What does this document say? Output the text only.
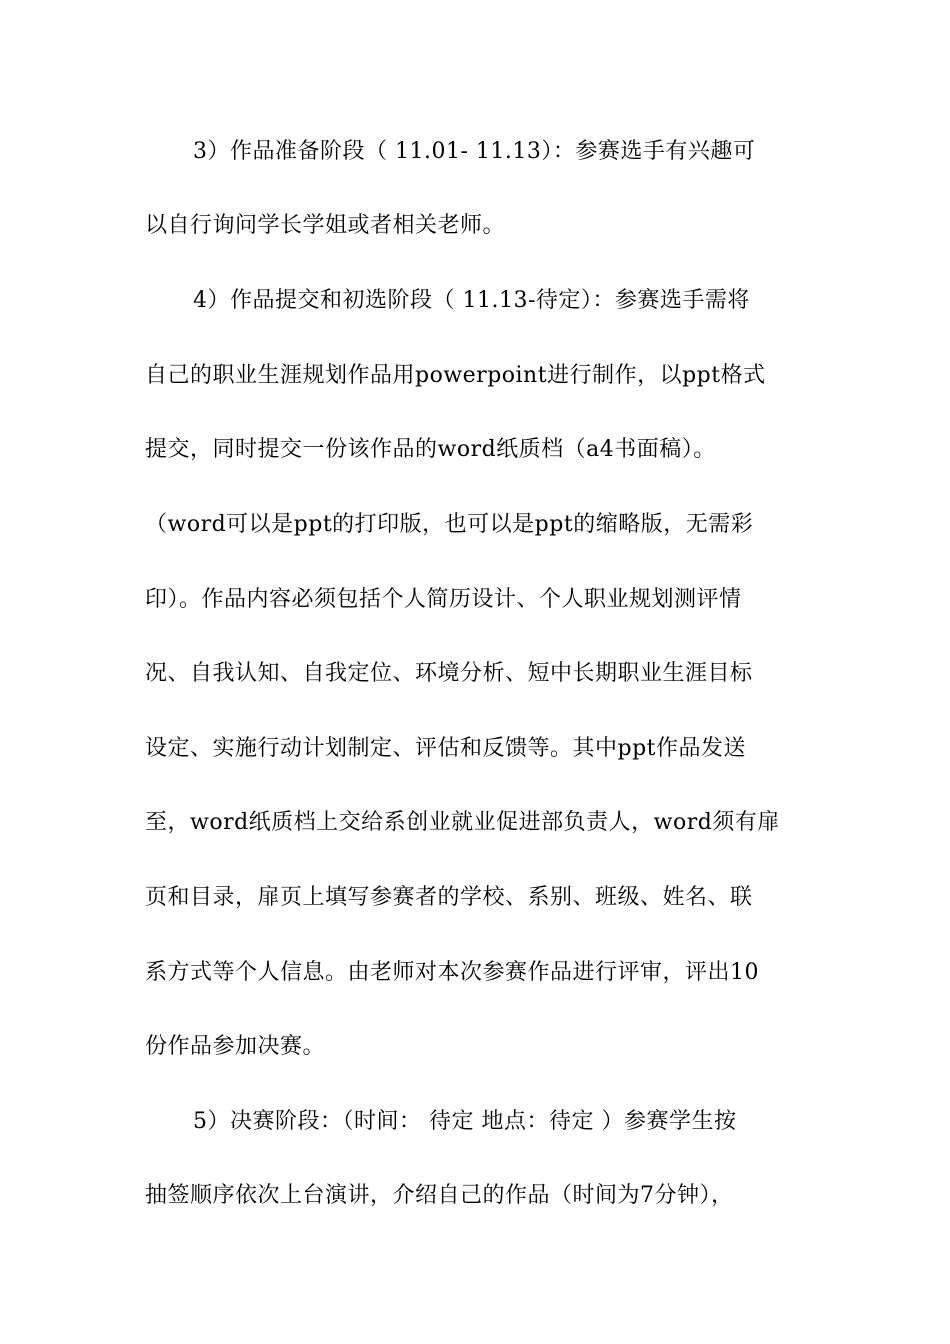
3）作品准备阶段（ 11.01- 11.13）：参赛选手有兴趣可
以自行询问学长学姐或者相关老师。
4）作品提交和初选阶段（ 11.13-待定）：参赛选手需将
自己的职业生涯规划作品用powerpoint进行制作，以ppt格式
提交，同时提交一份该作品的word纸质档（a4书面稿）。
（word可以是ppt的打印版，也可以是ppt的缩略版，无需彩
印）。作品内容必须包括个人简历设计、个人职业规划测评情
况、自我认知、自我定位、环境分析、短中长期职业生涯目标
设定、实施行动计划制定、评估和反馈等。其中ppt作品发送
至，word纸质档上交给系创业就业促进部负责人，word须有扉
页和目录，扉页上填写参赛者的学校、系别、班级、姓名、联
系方式等个人信息。由老师对本次参赛作品进行评审，评出10
份作品参加决赛。
5）决赛阶段：（时间： 待定 地点：待定 ）参赛学生按
抽签顺序依次上台演讲，介绍自己的作品（时间为7分钟），
